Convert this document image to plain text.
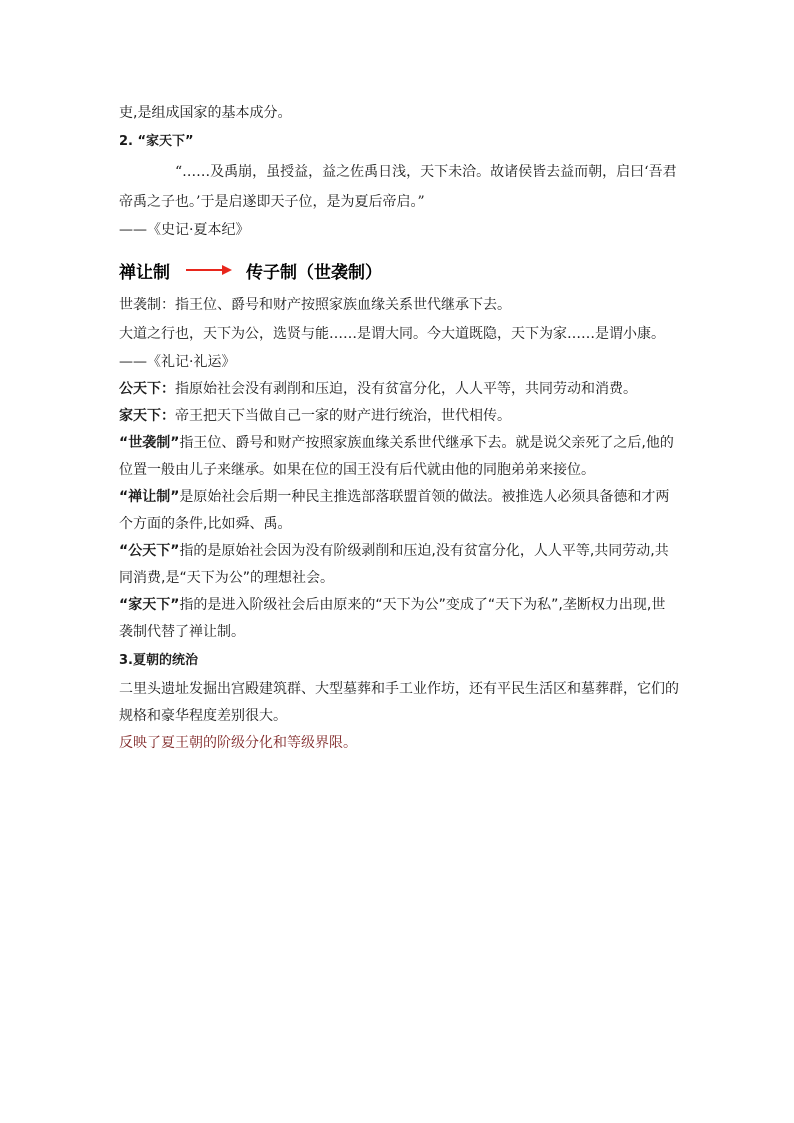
吏,是组成国家的基本成分。
2. “家天下”
“……及禹崩，虽授益，益之佐禹日浅，天下未洽。故诸侯皆去益而朝，启曰‘吾君帝禹之子也。’于是启遂即天子位，是为夏后帝启。”
——《史记·夏本纪》
禅让制	传子制（世袭制）
世袭制：指王位、爵号和财产按照家族血缘关系世代继承下去。
大道之行也，天下为公，选贤与能……是谓大同。今大道既隐，天下为家……是谓小康。
——《礼记·礼运》
公天下：指原始社会没有剥削和压迫，没有贫富分化，人人平等，共同劳动和消费。
家天下：帝王把天下当做自己一家的财产进行统治，世代相传。
“世袭制”指王位、爵号和财产按照家族血缘关系世代继承下去。就是说父亲死了之后,他的位置一般由儿子来继承。如果在位的国王没有后代就由他的同胞弟弟来接位。
“禅让制”是原始社会后期一种民主推选部落联盟首领的做法。被推选人必须具备德和才两个方面的条件,比如舜、禹。
“公天下”指的是原始社会因为没有阶级剥削和压迫,没有贫富分化，人人平等,共同劳动,共同消费,是“天下为公”的理想社会。
“家天下”指的是进入阶级社会后由原来的“天下为公”变成了“天下为私”,垄断权力出现,世袭制代替了禅让制。
3.夏朝的统治
二里头遗址发掘出宫殿建筑群、大型墓葬和手工业作坊，还有平民生活区和墓葬群，它们的规格和豪华程度差别很大。
反映了夏王朝的阶级分化和等级界限。
